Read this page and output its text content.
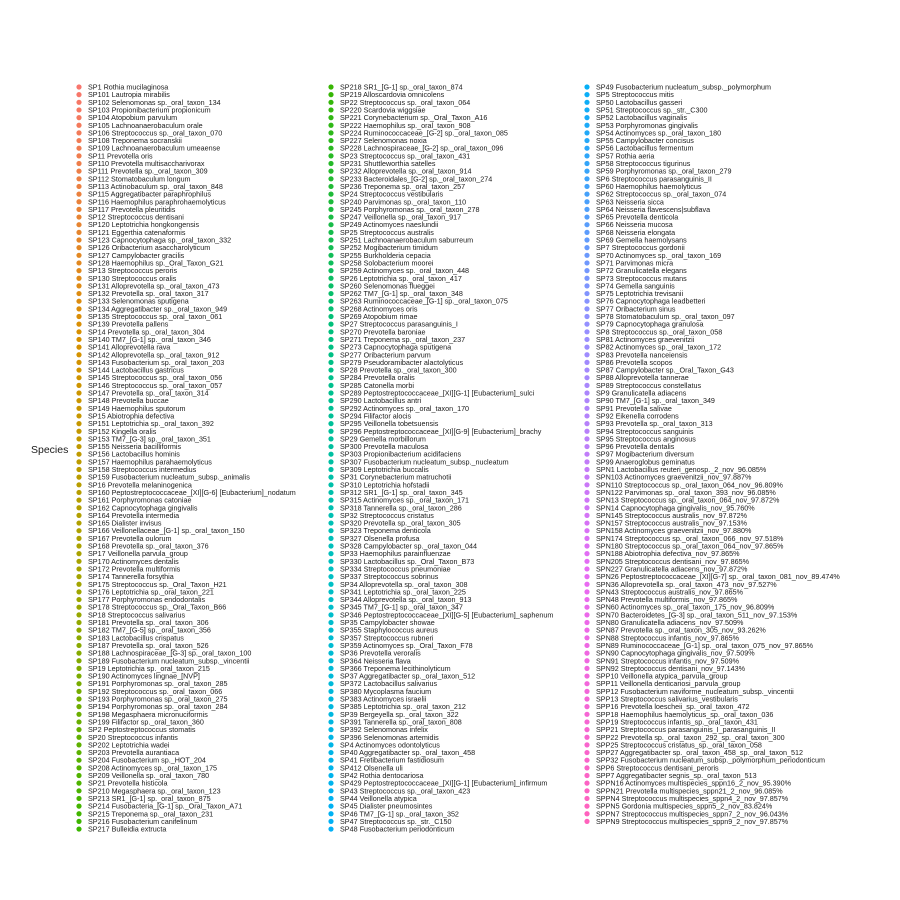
Species
SP1 Rothia mucilaginosa
SP101 Lautropia mirabilis
SP102 Selenomonas sp._oral_taxon_134
SP103 Propionibacterium propionicum
SP104 Atopobium parvulum
SP105 Lachnoanaerobaculum orale
SP106 Streptococcus sp._oral_taxon_070
SP108 Treponema socranskii
SP109 Lachnoanaerobaculum umeaense
SP11 Prevotella oris
SP110 Prevotella multisaccharivorax
SP111 Prevotella sp._oral_taxon_309
SP112 Stomatobaculum longum
SP113 Actinobaculum sp._oral_taxon_848
SP115 Aggregatibacter paraphrophilus
SP116 Haemophilus paraphrohaemolyticus
SP117 Prevotella pleuritidis
SP12 Streptococcus dentisani
SP120 Leptotrichia hongkongensis
SP121 Eggerthia catenaformis
SP123 Capnocytophaga sp._oral_taxon_332
SP126 Oribacterium asaccharolyticum
SP127 Campylobacter gracilis
SP128 Haemophilus sp._Oral_Taxon_G21
SP13 Streptococcus peroris
SP130 Streptococcus oralis
SP131 Alloprevotella sp._oral_taxon_473
SP132 Prevotella sp._oral_taxon_317
SP133 Selenomonas sputigena
SP134 Aggregatibacter sp._oral_taxon_949
SP135 Streptococcus sp._oral_taxon_061
SP139 Prevotella pallens
SP14 Prevotella sp._oral_taxon_304
SP140 TM7_[G-1] sp._oral_taxon_346
SP141 Alloprevotella rava
SP142 Alloprevotella sp._oral_taxon_912
SP143 Fusobacterium sp._oral_taxon_203
SP144 Lactobacillus gastricus
SP145 Streptococcus sp._oral_taxon_056
SP146 Streptococcus sp._oral_taxon_057
SP147 Prevotella sp._oral_taxon_314
SP148 Prevotella buccae
SP149 Haemophilus sputorum
SP15 Abiotrophia defectiva
SP151 Leptotrichia sp._oral_taxon_392
SP152 Kingella oralis
SP153 TM7_[G-3] sp._oral_taxon_351
SP155 Neisseria bacilliformis
SP156 Lactobacillus hominis
SP157 Haemophilus parahaemolyticus
SP158 Streptococcus intermedius
SP159 Fusobacterium nucleatum_subsp._animalis
SP16 Prevotella melaninogenica
SP160 Peptostreptococcaceae_[XI][G-6] [Eubacterium]_nodatum
SP161 Porphyromonas catoniae
SP162 Capnocytophaga gingivalis
SP164 Prevotella intermedia
SP165 Dialister invisus
SP166 Veillonellaceae_[G-1] sp._oral_taxon_150
SP167 Prevotella oulorum
SP168 Prevotella sp._oral_taxon_376
SP17 Veillonella parvula_group
SP170 Actinomyces dentalis
SP172 Prevotella multiformis
SP174 Tannerella forsythia
SP175 Streptococcus sp._Oral_Taxon_H21
SP176 Leptotrichia sp._oral_taxon_221
SP177 Porphyromonas endodontalis
SP178 Streptococcus sp._Oral_Taxon_B66
SP18 Streptococcus salivarius
SP181 Prevotella sp._oral_taxon_306
SP182 TM7_[G-5] sp._oral_taxon_356
SP183 Lactobacillus crispatus
SP187 Prevotella sp._oral_taxon_526
SP188 Lachnospiraceae_[G-3] sp._oral_taxon_100
SP189 Fusobacterium nucleatum_subsp._vincentii
SP19 Leptotrichia sp._oral_taxon_215
SP190 Actinomyces lingnae_[NVP]
SP191 Porphyromonas sp._oral_taxon_285
SP192 Streptococcus sp._oral_taxon_066
SP193 Porphyromonas sp._oral_taxon_275
SP194 Porphyromonas sp._oral_taxon_284
SP198 Megasphaera micronuciformis
SP199 Filifactor sp._oral_taxon_360
SP2 Peptostreptococcus stomatis
SP20 Streptococcus infantis
SP202 Leptotrichia wadei
SP203 Prevotella aurantiaca
SP204 Fusobacterium sp._HOT_204
SP208 Actinomyces sp._oral_taxon_175
SP209 Veillonella sp._oral_taxon_780
SP21 Prevotella histicola
SP210 Megasphaera sp._oral_taxon_123
SP213 SR1_[G-1] sp._oral_taxon_875
SP214 Fusobacteria_[G-1] sp._Oral_Taxon_A71
SP215 Treponema sp._oral_taxon_231
SP216 Fusobacterium canifelinum
SP217 Bulleidia extructa
SP218 SR1_[G-1] sp._oral_taxon_874
SP219 Alloscardovia omnicolens
SP22 Streptococcus sp._oral_taxon_064
SP220 Scardovia wiggsiae
SP221 Corynebacterium sp._Oral_Taxon_A16
SP222 Haemophilus sp._oral_taxon_908
SP224 Ruminococcaceae_[G-2] sp._oral_taxon_085
SP227 Selenomonas noxia
SP228 Lachnospiraceae_[G-2] sp._oral_taxon_096
SP23 Streptococcus sp._oral_taxon_431
SP231 Shuttleworthia satelles
SP232 Alloprevotella sp._oral_taxon_914
SP233 Bacteroidales_[G-2] sp._oral_taxon_274
SP236 Treponema sp._oral_taxon_257
SP24 Streptococcus vestibularis
SP240 Parvimonas sp._oral_taxon_110
SP245 Porphyromonas sp._oral_taxon_278
SP247 Veillonella sp._oral_taxon_917
SP249 Actinomyces naeslundii
SP25 Streptococcus australis
SP251 Lachnoanaerobaculum saburreum
SP252 Mogibacterium timidum
SP255 Burkholderia cepacia
SP258 Solobacterium moorei
SP259 Actinomyces sp._oral_taxon_448
SP26 Leptotrichia sp._oral_taxon_417
SP260 Selenomonas flueggei
SP262 TM7_[G-1] sp._oral_taxon_348
SP263 Ruminococcaceae_[G-1] sp._oral_taxon_075
SP268 Actinomyces oris
SP269 Atopobium rimae
SP27 Streptococcus parasanguinis_I
SP270 Prevotella baroniae
SP271 Treponema sp._oral_taxon_237
SP273 Capnocytophaga sputigena
SP277 Oribacterium parvum
SP279 Pseudoramibacter alactolyticus
SP28 Prevotella sp._oral_taxon_300
SP284 Prevotella oralis
SP285 Catonella morbi
SP289 Peptostreptococcaceae_[XI][G-1] [Eubacterium]_sulci
SP290 Lactobacillus antri
SP292 Actinomyces sp._oral_taxon_170
SP294 Filifactor alocis
SP295 Veillonella tobetsuensis
SP296 Peptostreptococcaceae_[XI][G-9] [Eubacterium]_brachy
SP29 Gemella morbillorum
SP300 Prevotella maculosa
SP303 Propionibacterium acidifaciens
SP307 Fusobacterium nucleatum_subsp._nucleatum
SP309 Leptotrichia buccalis
SP31 Corynebacterium matruchotii
SP310 Leptotrichia hofstadii
SP312 SR1_[G-1] sp._oral_taxon_345
SP315 Actinomyces sp._oral_taxon_171
SP318 Tannerella sp._oral_taxon_286
SP32 Streptococcus cristatus
SP320 Prevotella sp._oral_taxon_305
SP323 Treponema denticola
SP327 Olsenella profusa
SP328 Campylobacter sp._oral_taxon_044
SP33 Haemophilus parainfluenzae
SP330 Lactobacillus sp._Oral_Taxon_B73
SP334 Streptococcus pneumoniae
SP337 Streptococcus sobrinus
SP34 Alloprevotella sp._oral_taxon_308
SP341 Leptotrichia sp._oral_taxon_225
SP344 Alloprevotella sp._oral_taxon_913
SP345 TM7_[G-1] sp._oral_taxon_347
SP346 Peptostreptococcaceae_[XI][G-5] [Eubacterium]_saphenum
SP35 Campylobacter showae
SP355 Staphylococcus aureus
SP357 Streptococcus rubneri
SP359 Actinomyces sp._Oral_Taxon_F78
SP36 Prevotella veroralis
SP364 Neisseria flava
SP366 Treponema lecithinolyticum
SP37 Aggregatibacter sp._oral_taxon_512
SP372 Lactobacillus salivarius
SP380 Mycoplasma faucium
SP383 Actinomyces israelii
SP385 Leptotrichia sp._oral_taxon_212
SP39 Bergeyella sp._oral_taxon_322
SP391 Tannerella sp._oral_taxon_808
SP392 Selenomonas infelix
SP396 Selenomonas artemidis
SP4 Actinomyces odontolyticus
SP40 Aggregatibacter sp._oral_taxon_458
SP41 Fretibacterium fastidiosum
SP412 Olsenella uli
SP42 Rothia dentocariosa
SP429 Peptostreptococcaceae_[XI][G-1] [Eubacterium]_infirmum
SP43 Streptococcus sp._oral_taxon_423
SP44 Veillonella atypica
SP45 Dialister pneumosintes
SP46 TM7_[G-1] sp._oral_taxon_352
SP47 Streptococcus sp._str._C150
SP48 Fusobacterium periodonticum
SP49 Fusobacterium nucleatum_subsp._polymorphum
SP5 Streptococcus mitis
SP50 Lactobacillus gasseri
SP51 Streptococcus sp._str._C300
SP52 Lactobacillus vaginalis
SP53 Porphyromonas gingivalis
SP54 Actinomyces sp._oral_taxon_180
SP55 Campylobacter concisus
SP56 Lactobacillus fermentum
SP57 Rothia aeria
SP58 Streptococcus tigurinus
SP59 Porphyromonas sp._oral_taxon_279
SP6 Streptococcus parasanguinis_II
SP60 Haemophilus haemolyticus
SP62 Streptococcus sp._oral_taxon_074
SP63 Neisseria sicca
SP64 Neisseria flavescens|subflava
SP65 Prevotella denticola
SP66 Neisseria mucosa
SP68 Neisseria elongata
SP69 Gemella haemolysans
SP7 Streptococcus gordonii
SP70 Actinomyces sp._oral_taxon_169
SP71 Parvimonas micra
SP72 Granulicatella elegans
SP73 Streptococcus mutans
SP74 Gemella sanguinis
SP75 Leptotrichia trevisanii
SP76 Capnocytophaga leadbetteri
SP77 Oribacterium sinus
SP78 Stomatobaculum sp._oral_taxon_097
SP79 Capnocytophaga granulosa
SP8 Streptococcus sp._oral_taxon_058
SP81 Actinomyces graevenitzii
SP82 Actinomyces sp._oral_taxon_172
SP83 Prevotella nanceiensis
SP86 Prevotella scopos
SP87 Campylobacter sp._Oral_Taxon_G43
SP88 Alloprevotella tannerae
SP89 Streptococcus constellatus
SP9 Granulicatella adiacens
SP90 TM7_[G-1] sp._oral_taxon_349
SP91 Prevotella salivae
SP92 Eikenella corrodens
SP93 Prevotella sp._oral_taxon_313
SP94 Streptococcus sanguinis
SP95 Streptococcus anginosus
SP96 Prevotella dentalis
SP97 Mogibacterium diversum
SP99 Anaeroglobus geminatus
SPN1 Lactobacillus reuteri_genosp._2_nov_96.085%
SPN103 Actinomyces graevenitzii_nov_97.887%
SPN110 Streptococcus sp._oral_taxon_064_nov_96.809%
SPN122 Parvimonas sp._oral_taxon_393_nov_96.085%
SPN13 Streptococcus sp._oral_taxon_064_nov_97.872%
SPN14 Capnocytophaga gingivalis_nov_95.760%
SPN145 Streptococcus australis_nov_97.872%
SPN157 Streptococcus australis_nov_97.153%
SPN158 Actinomyces graevenitzii_nov_97.880%
SPN174 Streptococcus sp._oral_taxon_066_nov_97.518%
SPN180 Streptococcus sp._oral_taxon_064_nov_97.865%
SPN188 Abiotrophia defectiva_nov_97.865%
SPN205 Streptococcus dentisani_nov_97.865%
SPN227 Granulicatella adiacens_nov_97.872%
SPN26 Peptostreptococcaceae_[XI][G-7] sp._oral_taxon_081_nov_89.474%
SPN36 Alloprevotella sp._oral_taxon_473_nov_97.527%
SPN43 Streptococcus australis_nov_97.865%
SPN48 Prevotella multiformis_nov_97.865%
SPN60 Actinomyces sp._oral_taxon_175_nov_96.809%
SPN70 Bacteroidetes_[G-3] sp._oral_taxon_511_nov_97.153%
SPN80 Granulicatella adiacens_nov_97.509%
SPN87 Prevotella sp._oral_taxon_305_nov_93.262%
SPN88 Streptococcus infantis_nov_97.865%
SPN89 Ruminococcaceae_[G-1] sp._oral_taxon_075_nov_97.865%
SPN90 Capnocytophaga gingivalis_nov_97.509%
SPN91 Streptococcus infantis_nov_97.509%
SPN92 Streptococcus dentisani_nov_97.143%
SPP10 Veillonella atypica_parvula_group
SPP11 Veillonella denticariosi_parvula_group
SPP12 Fusobacterium naviforme_nucleatum_subsp._vincentii
SPP13 Streptococcus salivarius_vestibularis
SPP16 Prevotella loescheii_sp._oral_taxon_472
SPP18 Haemophilus haemolyticus_sp._oral_taxon_036
SPP19 Streptococcus infantis_sp._oral_taxon_431
SPP21 Streptococcus parasanguinis_I_parasanguinis_II
SPP22 Prevotella sp._oral_taxon_292_sp._oral_taxon_300
SPP25 Streptococcus cristatus_sp._oral_taxon_058
SPP27 Aggregatibacter sp._oral_taxon_458_sp._oral_taxon_512
SPP32 Fusobacterium nucleatum_subsp._polymorphum_periodonticum
SPP6 Streptococcus dentisani_peroris
SPP7 Aggregatibacter segnis_sp._oral_taxon_513
SPPN16 Actinomyces multispecies_sppn16_2_nov_95.390%
SPPN21 Prevotella multispecies_sppn21_2_nov_96.085%
SPPN4 Streptococcus multispecies_sppn4_2_nov_97.857%
SPPN5 Gordonia multispecies_sppn5_2_nov_83.824%
SPPN7 Streptococcus multispecies_sppn7_2_nov_96.043%
SPPN9 Streptococcus multispecies_sppn9_2_nov_97.857%
